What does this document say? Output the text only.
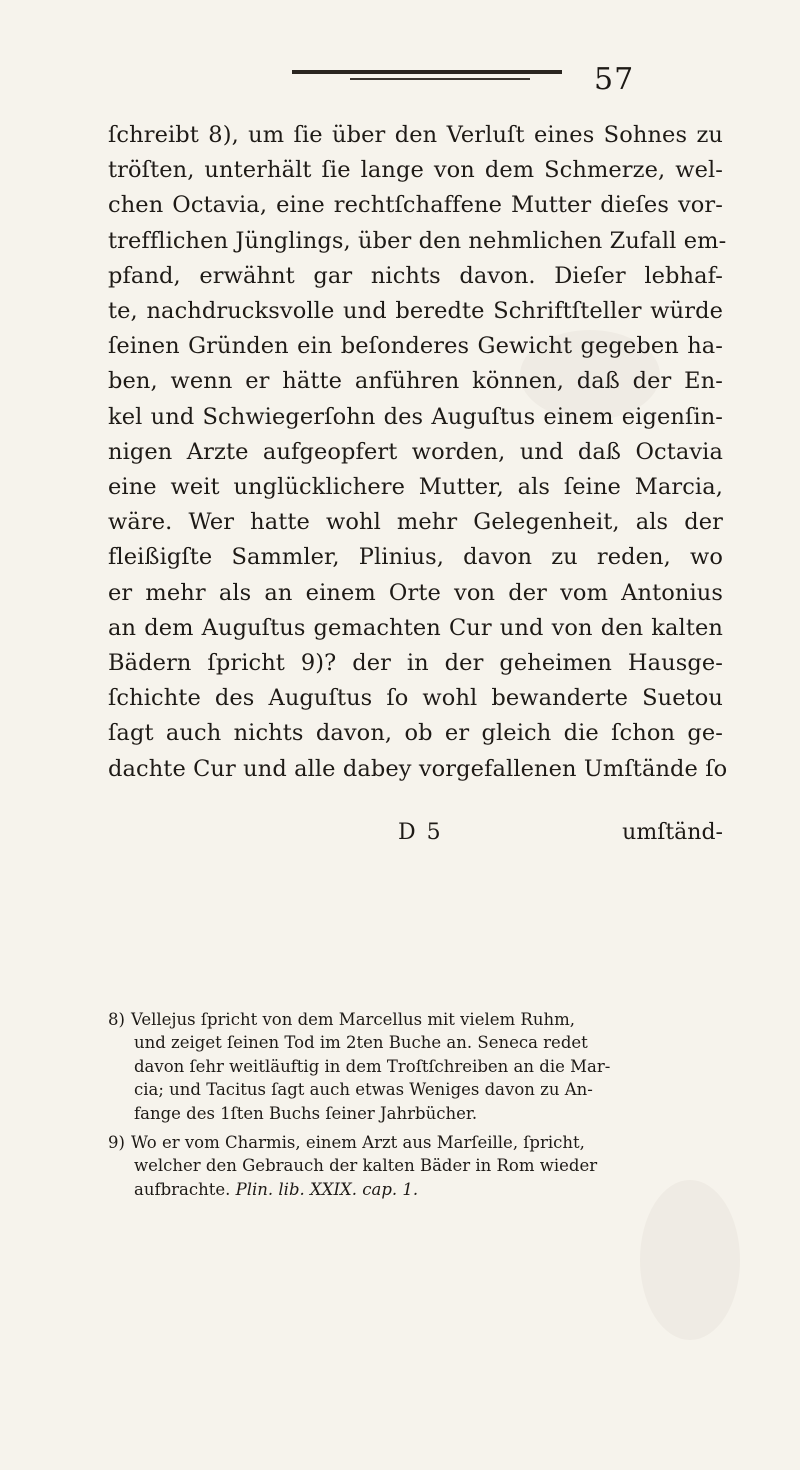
57
ſchreibt 8), um ſie über den Verluſt eines Sohnes zu
tröſten, unterhält ſie lange von dem Schmerze, wel-
chen Octavia, eine rechtſchaffene Mutter dieſes vor-
trefflichen Jünglings, über den nehmlichen Zufall em-
pfand, erwähnt gar nichts davon. Dieſer lebhaf-
te, nachdrucksvolle und beredte Schriftſteller würde
ſeinen Gründen ein beſonderes Gewicht gegeben ha-
ben, wenn er hätte anführen können, daß der En-
kel und Schwiegerſohn des Auguſtus einem eigenſin-
nigen Arzte aufgeopfert worden, und daß Octavia
eine weit unglücklichere Mutter, als ſeine Marcia,
wäre. Wer hatte wohl mehr Gelegenheit, als der
fleißigſte Sammler, Plinius, davon zu reden, wo
er mehr als an einem Orte von der vom Antonius
an dem Auguſtus gemachten Cur und von den kalten
Bädern ſpricht 9)? der in der geheimen Hausge-
ſchichte des Auguſtus ſo wohl bewanderte Suetou
ſagt auch nichts davon, ob er gleich die ſchon ge-
dachte Cur und alle dabey vorgefallenen Umſtände ſo
D 5	umſtänd-
8) Vellejus ſpricht von dem Marcellus mit vielem Ruhm,
und zeiget ſeinen Tod im 2ten Buche an. Seneca redet
davon ſehr weitläuftig in dem Troſtſchreiben an die Mar-
cia; und Tacitus ſagt auch etwas Weniges davon zu An-
fange des 1ſten Buchs ſeiner Jahrbücher.
9) Wo er vom Charmis, einem Arzt aus Marſeille, ſpricht,
welcher den Gebrauch der kalten Bäder in Rom wieder
aufbrachte. Plin. lib. XXIX. cap. 1.
